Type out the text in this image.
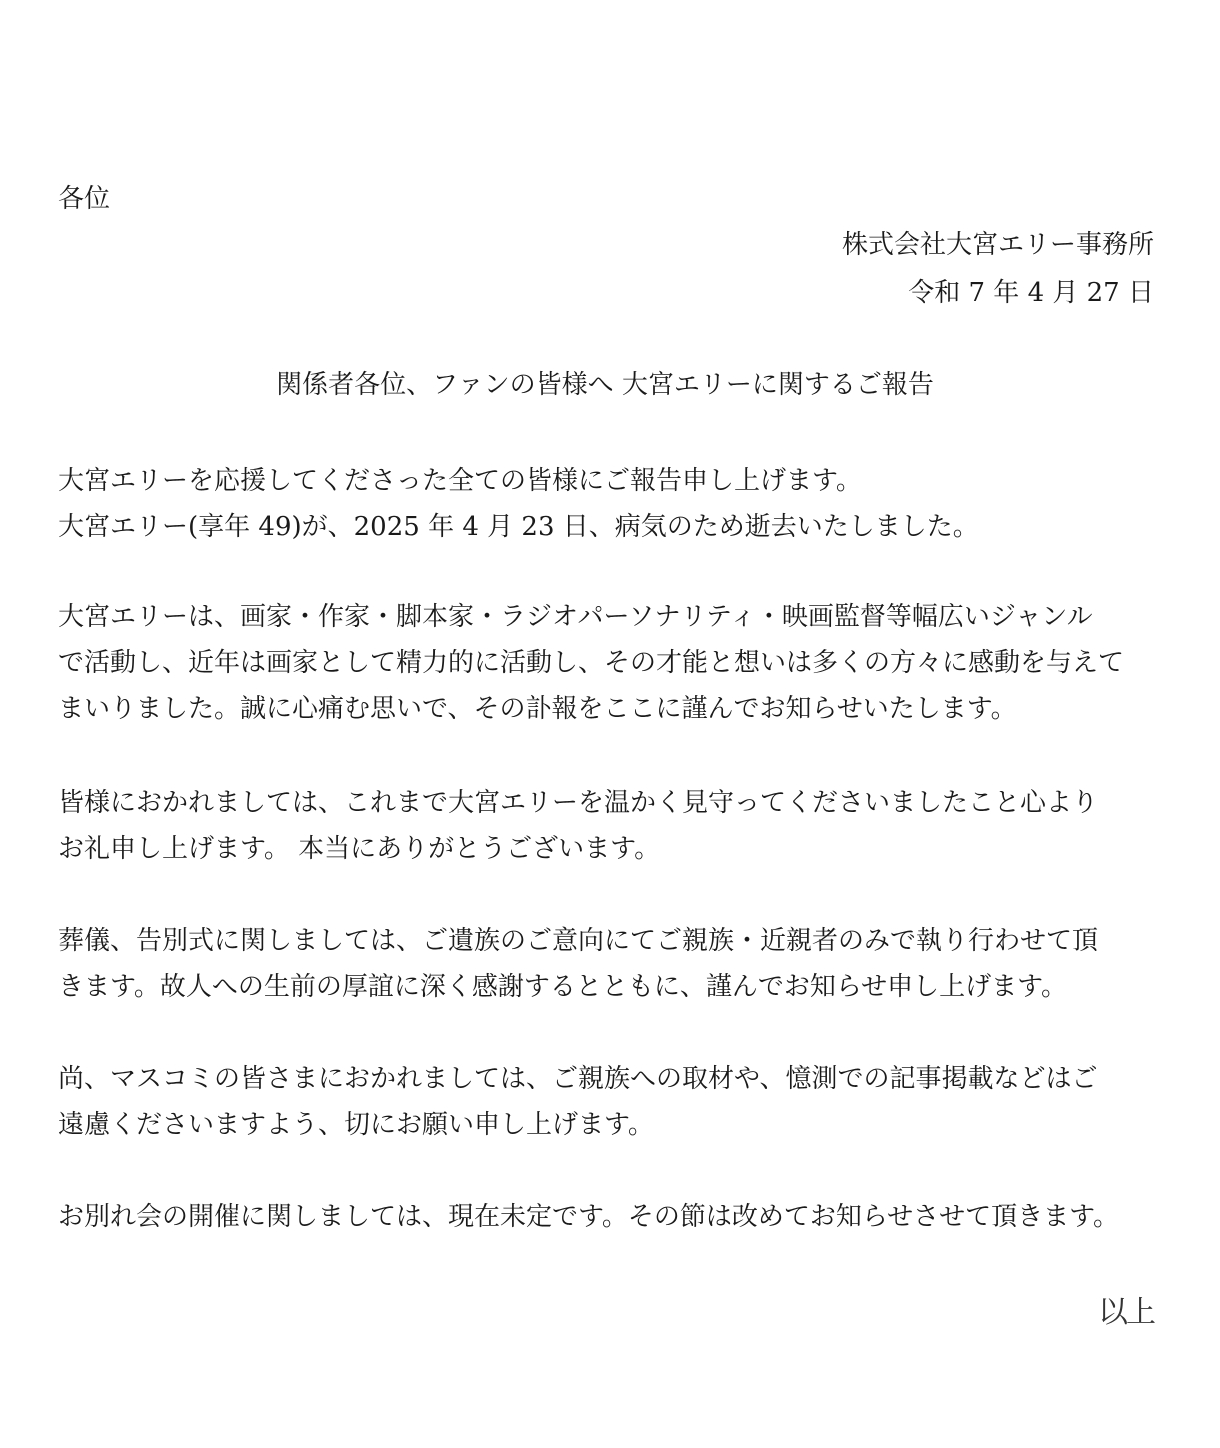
各位
株式会社大宮エリー事務所
令和 7 年 4 月 27 日
関係者各位、ファンの皆様へ 大宮エリーに関するご報告

大宮エリーを応援してくださった全ての皆様にご報告申し上げます。

大宮エリー(享年 49)が、2025 年 4 月 23 日、病気のため逝去いたしました。

大宮エリーは、画家・作家・脚本家・ラジオパーソナリティ・映画監督等幅広いジャンル

で活動し、近年は画家として精力的に活動し、その才能と想いは多くの方々に感動を与えて

まいりました。誠に心痛む思いで、その訃報をここに謹んでお知らせいたします。

皆様におかれましては、これまで大宮エリーを温かく見守ってくださいましたこと心より

お礼申し上げます。 本当にありがとうございます。

葬儀、告別式に関しましては、ご遺族のご意向にてご親族・近親者のみで執り行わせて頂

きます。故人への生前の厚誼に深く感謝するとともに、謹んでお知らせ申し上げます。

尚、マスコミの皆さまにおかれましては、ご親族への取材や、憶測での記事掲載などはご

遠慮くださいますよう、切にお願い申し上げます。

お別れ会の開催に関しましては、現在未定です。その節は改めてお知らせさせて頂きます。

以上
